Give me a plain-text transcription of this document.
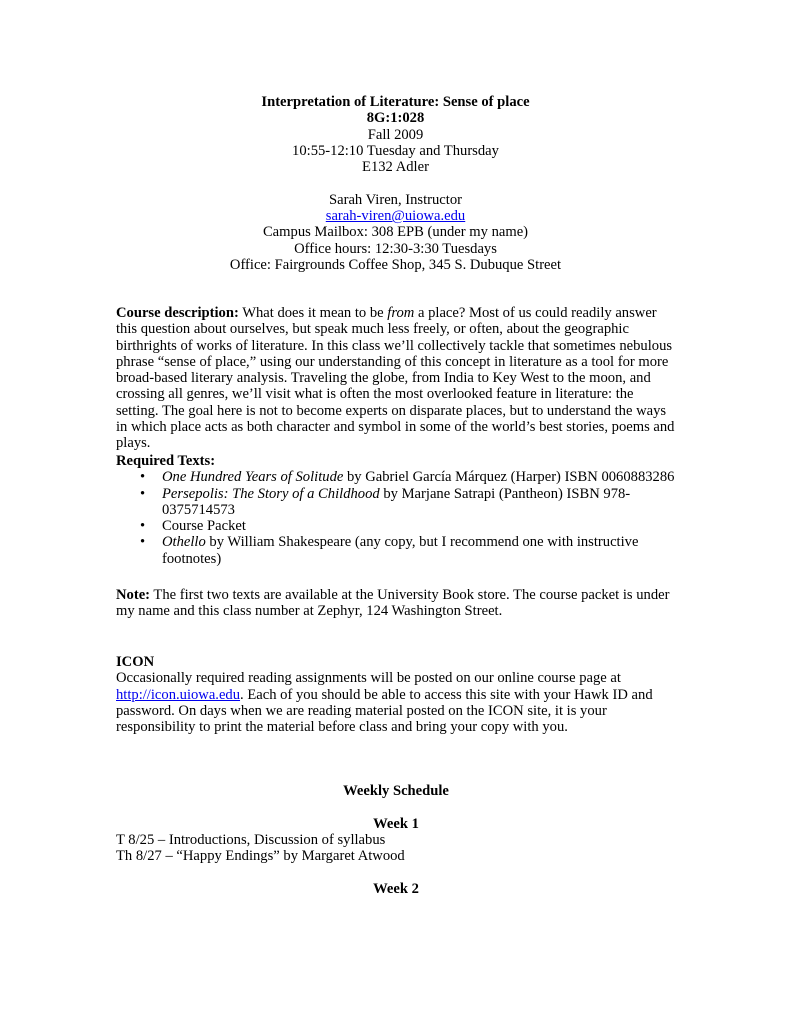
Interpretation of Literature: Sense of place
8G:1:028
Fall 2009
10:55-12:10 Tuesday and Thursday
E132 Adler
Sarah Viren, Instructor
sarah-viren@uiowa.edu
Campus Mailbox: 308 EPB (under my name)
Office hours: 12:30-3:30 Tuesdays
Office: Fairgrounds Coffee Shop, 345 S. Dubuque Street

Course description: What does it mean to be from a place? Most of us could readily answer this question about ourselves, but speak much less freely, or often, about the geographic birthrights of works of literature. In this class we’ll collectively tackle that sometimes nebulous phrase “sense of place,” using our understanding of this concept in literature as a tool for more broad-based literary analysis. Traveling the globe, from India to Key West to the moon, and crossing all genres, we’ll visit what is often the most overlooked feature in literature: the setting. The goal here is not to become experts on disparate places, but to understand the ways in which place acts as both character and symbol in some of the world’s best stories, poems and plays.

Required Texts:
• One Hundred Years of Solitude by Gabriel García Márquez (Harper) ISBN 0060883286
• Persepolis: The Story of a Childhood by Marjane Satrapi (Pantheon) ISBN 978-0375714573
• Course Packet
• Othello by William Shakespeare (any copy, but I recommend one with instructive footnotes)

Note: The first two texts are available at the University Book store. The course packet is under my name and this class number at Zephyr, 124 Washington Street.

ICON

Occasionally required reading assignments will be posted on our online course page at http://icon.uiowa.edu. Each of you should be able to access this site with your Hawk ID and password. On days when we are reading material posted on the ICON site, it is your responsibility to print the material before class and bring your copy with you.

Weekly Schedule
Week 1
T 8/25 – Introductions, Discussion of syllabus
Th 8/27 – “Happy Endings” by Margaret Atwood
Week 2
